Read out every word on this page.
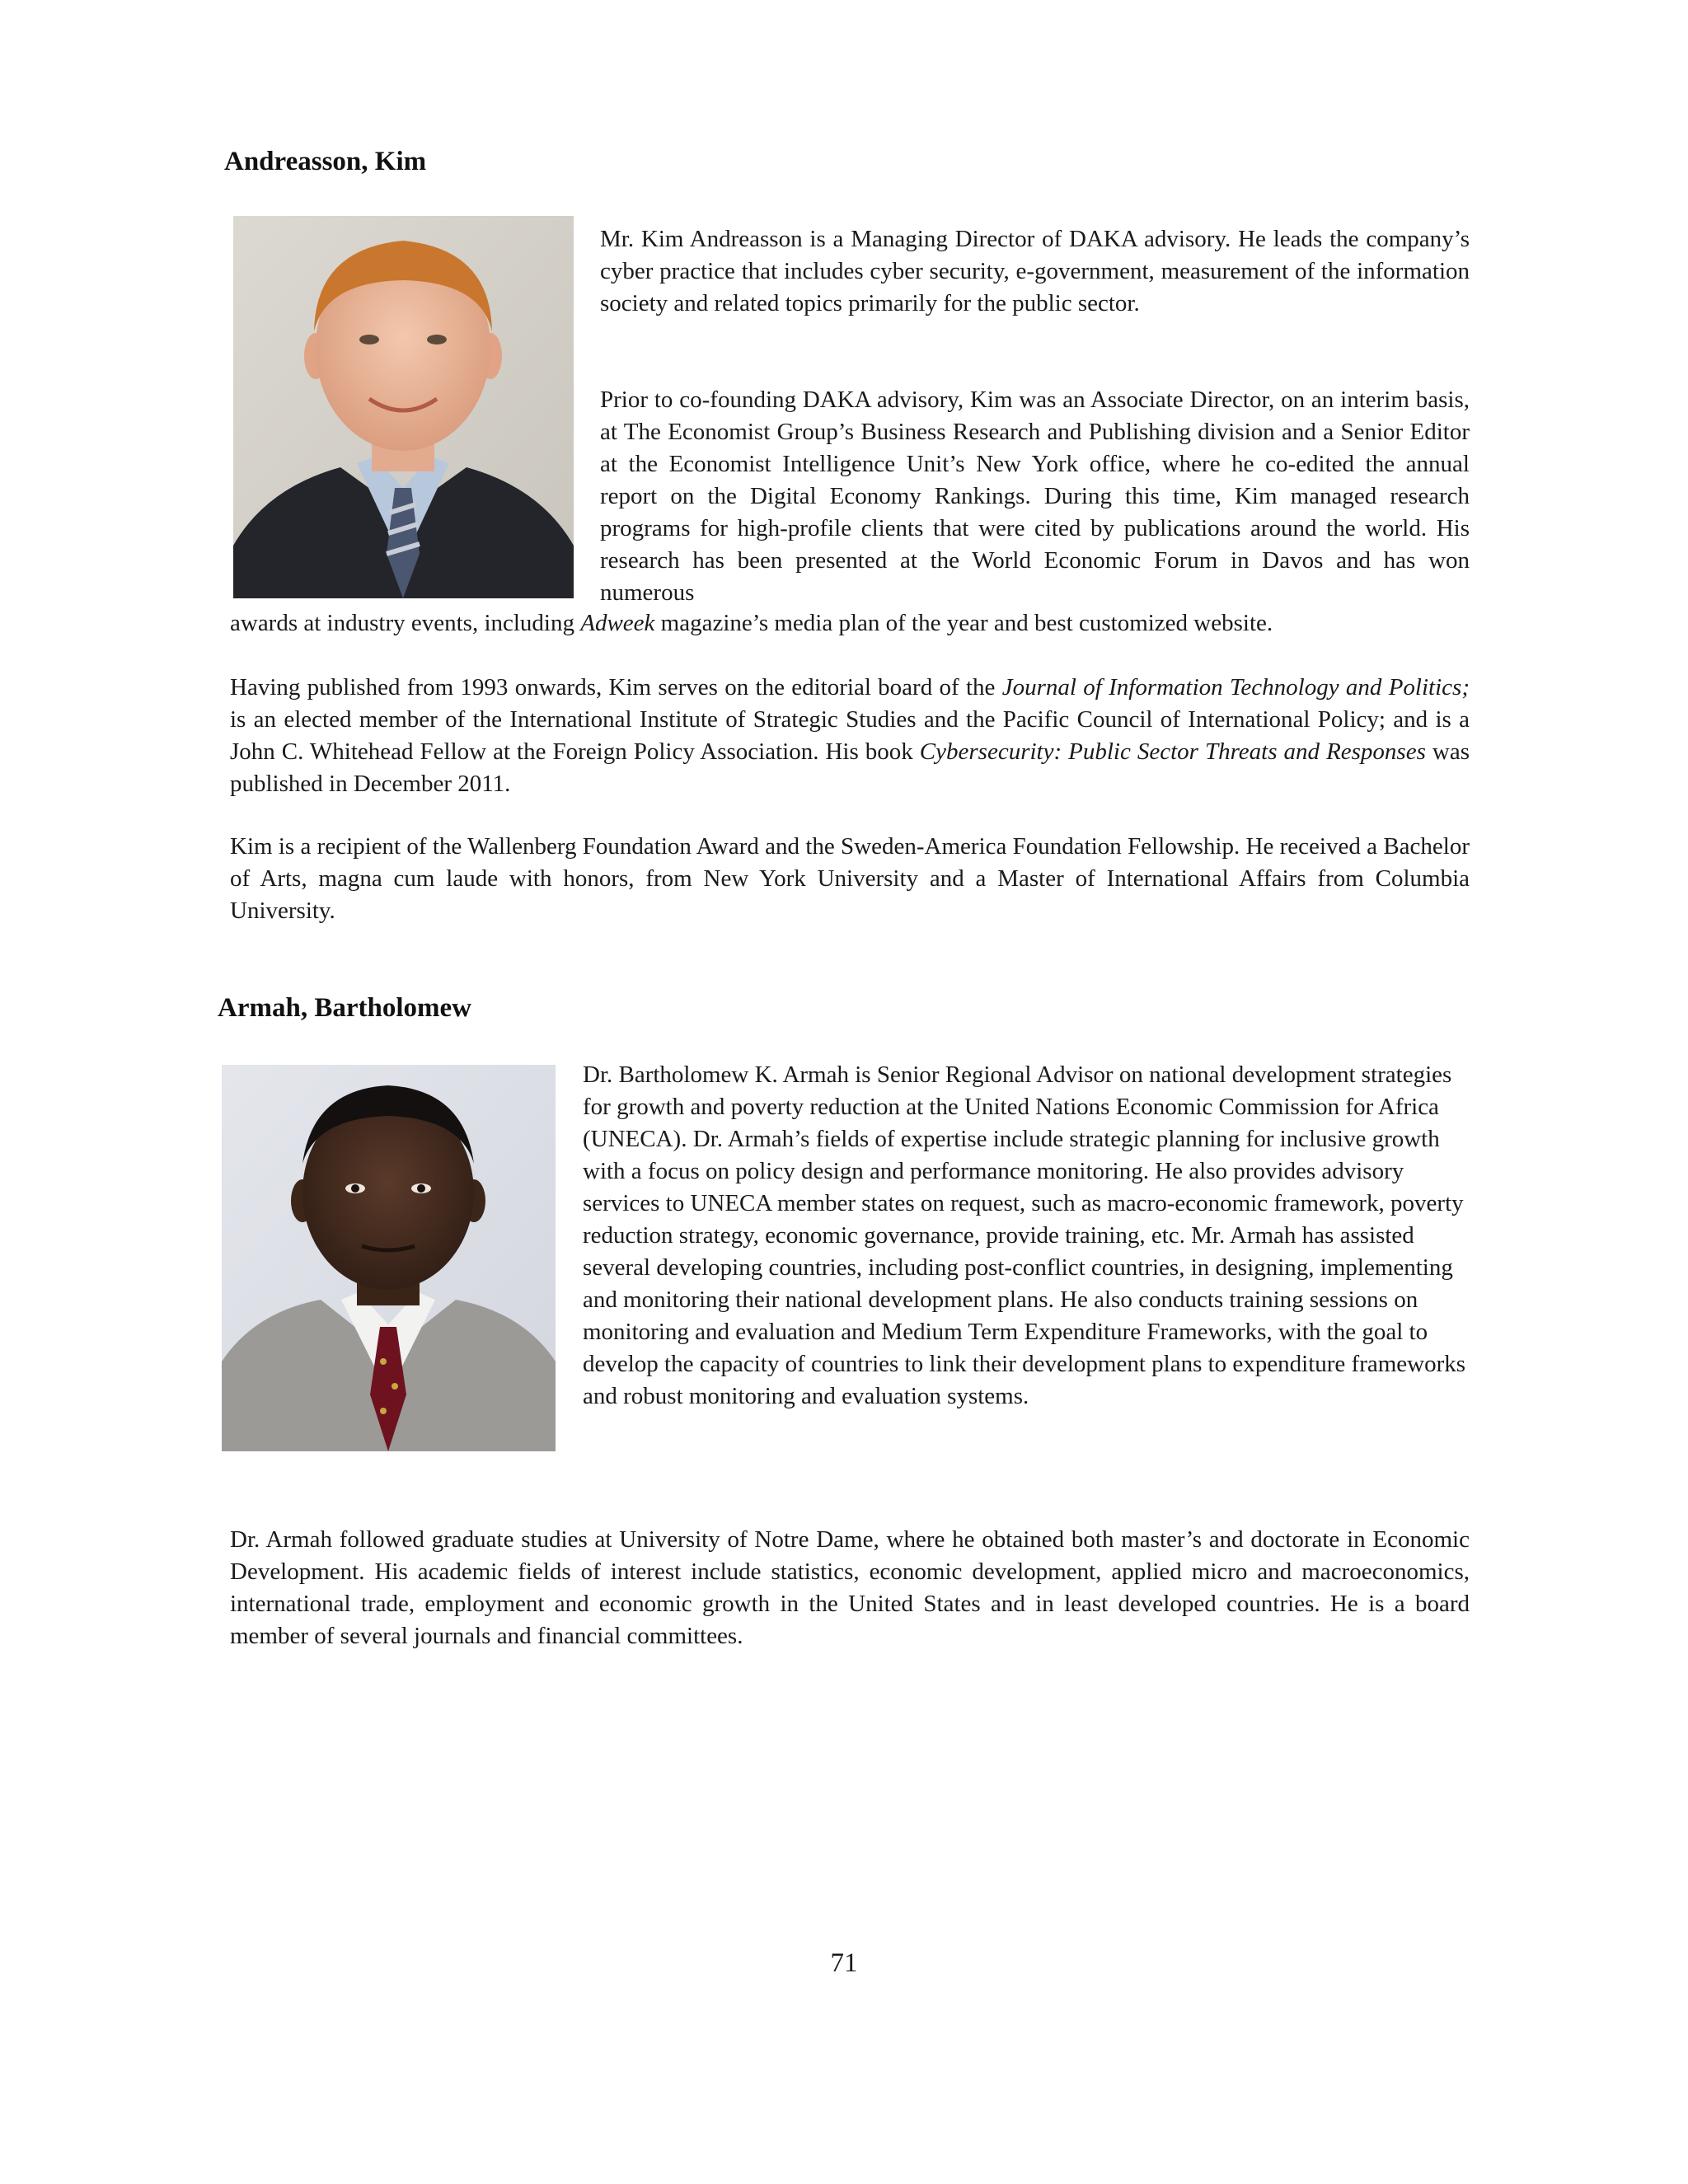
Andreasson, Kim

Mr. Kim Andreasson is a Managing Director of DAKA advisory. He leads the company’s cyber practice that includes cyber security, e-government, measurement of the information society and related topics primarily for the public sector.

Prior to co-founding DAKA advisory, Kim was an Associate Director, on an interim basis, at The Economist Group’s Business Research and Publishing division and a Senior Editor at the Economist Intelligence Unit’s New York office, where he co-edited the annual report on the Digital Economy Rankings. During this time, Kim managed research programs for high-profile clients that were cited by publications around the world. His research has been presented at the World Economic Forum in Davos and has won numerous

awards at industry events, including Adweek magazine’s media plan of the year and best customized website.

Having published from 1993 onwards, Kim serves on the editorial board of the Journal of Information Technology and Politics; is an elected member of the International Institute of Strategic Studies and the Pacific Council of International Policy; and is a John C. Whitehead Fellow at the Foreign Policy Association. His book Cybersecurity: Public Sector Threats and Responses was published in December 2011.

Kim is a recipient of the Wallenberg Foundation Award and the Sweden-America Foundation Fellowship. He received a Bachelor of Arts, magna cum laude with honors, from New York University and a Master of International Affairs from Columbia University.

Armah, Bartholomew

Dr. Bartholomew K. Armah is Senior Regional Advisor on national development strategies for growth and poverty reduction at the United Nations Economic Commission for Africa (UNECA). Dr. Armah’s fields of expertise include strategic planning for inclusive growth with a focus on policy design and performance monitoring. He also provides advisory services to UNECA member states on request, such as macro-economic framework, poverty reduction strategy, economic governance, provide training, etc. Mr. Armah has assisted several developing countries, including post-conflict countries, in designing, implementing and monitoring their national development plans. He also conducts training sessions on monitoring and evaluation and Medium Term Expenditure Frameworks, with the goal to develop the capacity of countries to link their development plans to expenditure frameworks and robust monitoring and evaluation systems.

Dr. Armah followed graduate studies at University of Notre Dame, where he obtained both master’s and doctorate in Economic Development. His academic fields of interest include statistics, economic development, applied micro and macroeconomics, international trade, employment and economic growth in the United States and in least developed countries. He is a board member of several journals and financial committees.

71
